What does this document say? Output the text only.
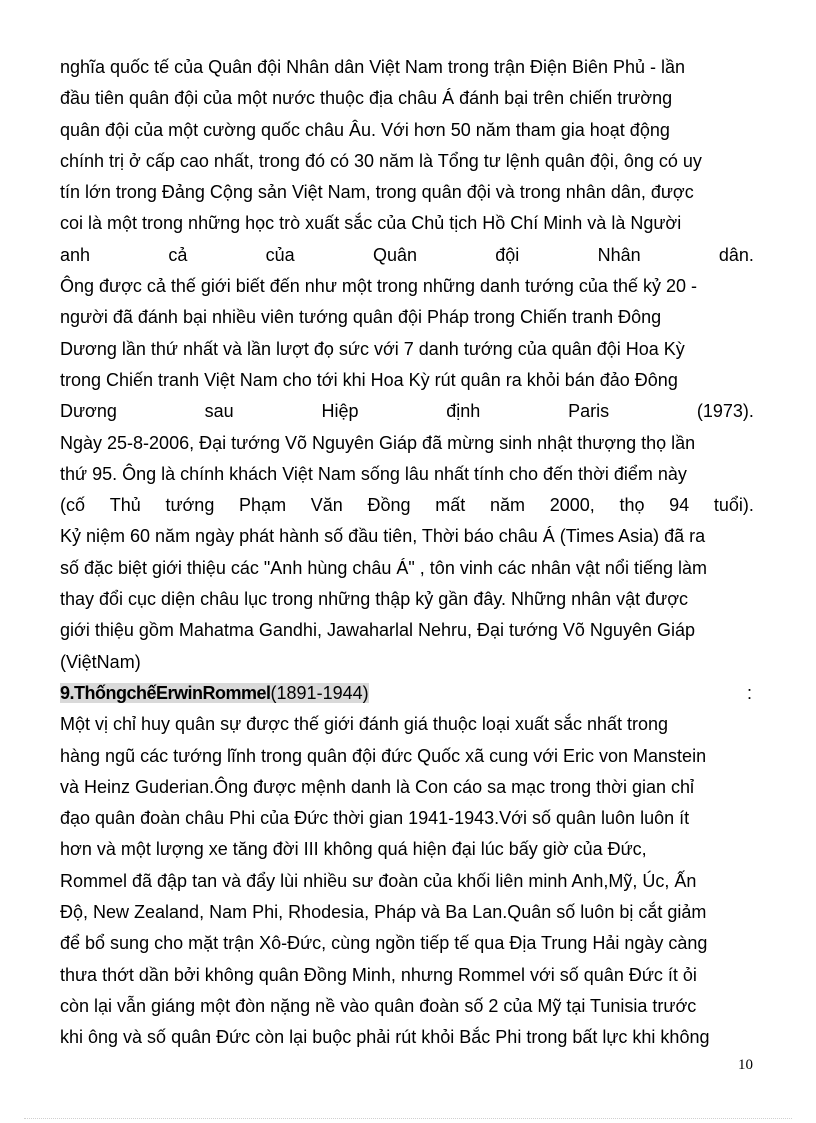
nghĩa quốc tế của Quân đội Nhân dân Việt Nam trong trận Điện Biên Phủ - lần
đầu tiên quân đội của một nước thuộc địa châu Á đánh bại trên chiến trường
quân đội của một cường quốc châu Âu. Với hơn 50 năm tham gia hoạt động
chính trị ở cấp cao nhất, trong đó có 30 năm là Tổng tư lệnh quân đội, ông có uy
tín lớn trong Đảng Cộng sản Việt Nam, trong quân đội và trong nhân dân, được
coi là một trong những học trò xuất sắc của Chủ tịch Hồ Chí Minh và là Người
anh	cả	của	Quân	đội	Nhân	dân.
Ông được cả thế giới biết đến như một trong những danh tướng của thế kỷ 20 -
người đã đánh bại nhiều viên tướng quân đội Pháp trong Chiến tranh Đông
Dương lần thứ nhất và lần lượt đọ sức với 7 danh tướng của quân đội Hoa Kỳ
trong Chiến tranh Việt Nam cho tới khi Hoa Kỳ rút quân ra khỏi bán đảo Đông
Dương	sau	Hiệp	định	Paris	(1973).
Ngày 25-8-2006, Đại tướng Võ Nguyên Giáp đã mừng sinh nhật thượng thọ lần
thứ 95. Ông là chính khách Việt Nam sống lâu nhất tính cho đến thời điểm này
(cố Thủ tướng Phạm Văn Đồng mất năm 2000, thọ 94 tuổi).
Kỷ niệm 60 năm ngày phát hành số đầu tiên, Thời báo châu Á (Times Asia) đã ra
số đặc biệt giới thiệu các "Anh hùng châu Á" , tôn vinh các nhân vật nổi tiếng làm
thay đổi cục diện châu lục trong những thập kỷ gần đây. Những nhân vật được
giới thiệu gồm Mahatma Gandhi, Jawaharlal Nehru, Đại tướng Võ Nguyên Giáp
(ViệtNam)
9.ThốngchếErwinRommel(1891-1944)	:
Một vị chỉ huy quân sự được thế giới đánh giá thuộc loại xuất sắc nhất trong
hàng ngũ các tướng lĩnh trong quân đội đức Quốc xã cung với Eric von Manstein
và Heinz Guderian.Ông được mệnh danh là Con cáo sa mạc trong thời gian chỉ
đạo quân đoàn châu Phi của Đức thời gian 1941-1943.Với số quân luôn luôn ít
hơn và một lượng xe tăng đời III không quá hiện đại lúc bấy giờ của Đức,
Rommel đã đập tan và đẩy lùi nhiều sư đoàn của khối liên minh Anh,Mỹ, Úc, Ấn
Độ, New Zealand, Nam Phi, Rhodesia, Pháp và Ba Lan.Quân số luôn bị cắt giảm
để bổ sung cho mặt trận Xô-Đức, cùng ngồn tiếp tế qua Địa Trung Hải ngày càng
thưa thớt dần bởi không quân Đồng Minh, nhưng Rommel với số quân Đức ít ỏi
còn lại vẫn giáng một đòn nặng nề vào quân đoàn số 2 của Mỹ tại Tunisia trước
khi ông và số quân Đức còn lại buộc phải rút khỏi Bắc Phi trong bất lực khi không
10
